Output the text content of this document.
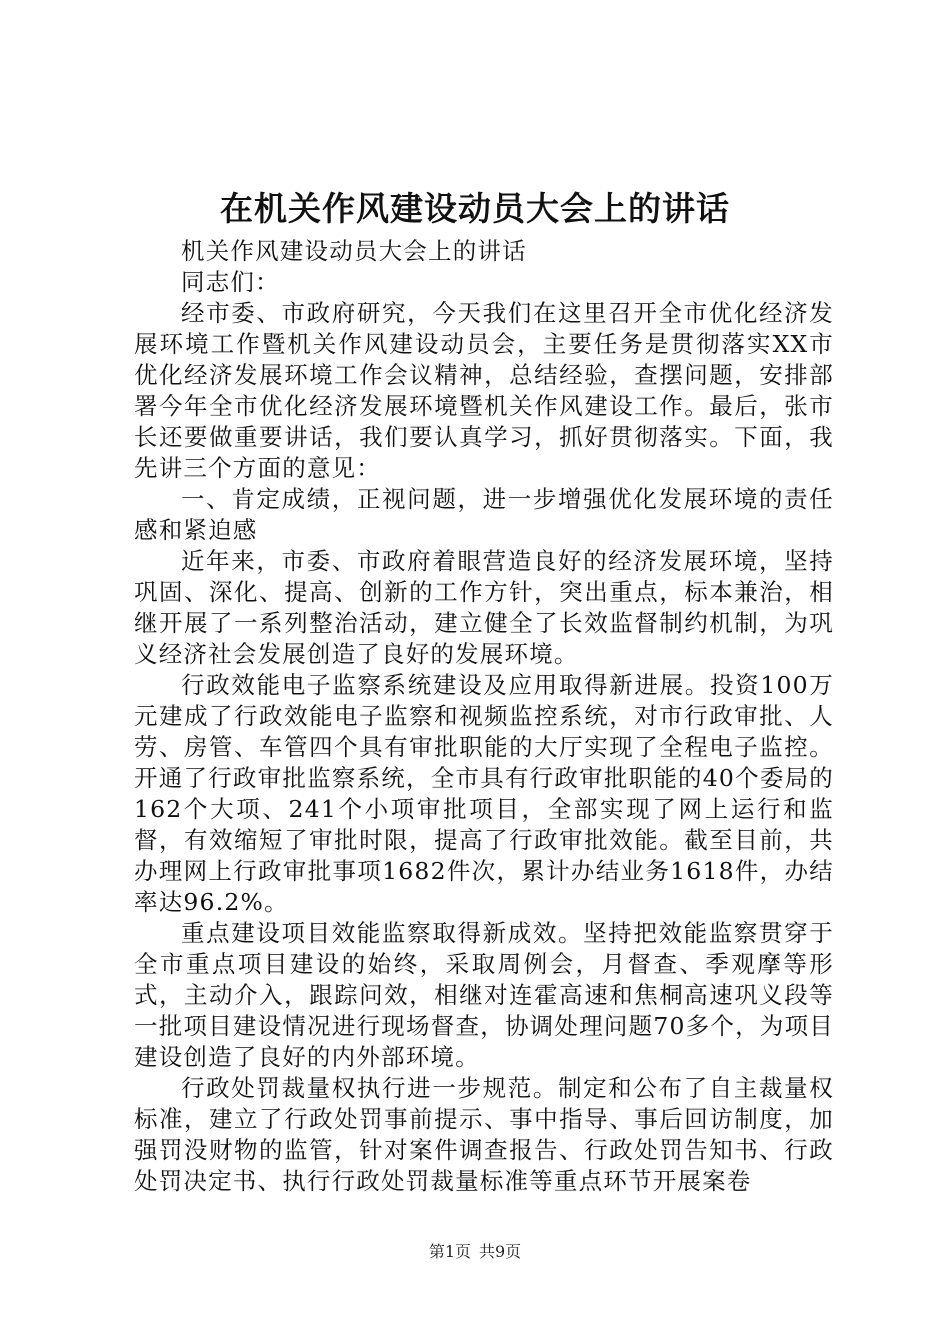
在机关作风建设动员大会上的讲话

机关作风建设动员大会上的讲话

同志们：

经市委、市政府研究，今天我们在这里召开全市优化经济发展环境工作暨机关作风建设动员会，主要任务是贯彻落实XX市优化经济发展环境工作会议精神，总结经验，查摆问题，安排部署今年全市优化经济发展环境暨机关作风建设工作。最后，张市长还要做重要讲话，我们要认真学习，抓好贯彻落实。下面，我先讲三个方面的意见：

一、肯定成绩，正视问题，进一步增强优化发展环境的责任感和紧迫感

近年来，市委、市政府着眼营造良好的经济发展环境，坚持巩固、深化、提高、创新的工作方针，突出重点，标本兼治，相继开展了一系列整治活动，建立健全了长效监督制约机制，为巩义经济社会发展创造了良好的发展环境。

行政效能电子监察系统建设及应用取得新进展。投资100万元建成了行政效能电子监察和视频监控系统，对市行政审批、人劳、房管、车管四个具有审批职能的大厅实现了全程电子监控。开通了行政审批监察系统，全市具有行政审批职能的40个委局的162个大项、241个小项审批项目，全部实现了网上运行和监督，有效缩短了审批时限，提高了行政审批效能。截至目前，共办理网上行政审批事项1682件次，累计办结业务1618件，办结率达96.2%。

重点建设项目效能监察取得新成效。坚持把效能监察贯穿于全市重点项目建设的始终，采取周例会，月督查、季观摩等形式，主动介入，跟踪问效，相继对连霍高速和焦桐高速巩义段等一批项目建设情况进行现场督查，协调处理问题70多个，为项目建设创造了良好的内外部环境。

行政处罚裁量权执行进一步规范。制定和公布了自主裁量权标准，建立了行政处罚事前提示、事中指导、事后回访制度，加强罚没财物的监管，针对案件调查报告、行政处罚告知书、行政处罚决定书、执行行政处罚裁量标准等重点环节开展案卷

第1页 共9页
